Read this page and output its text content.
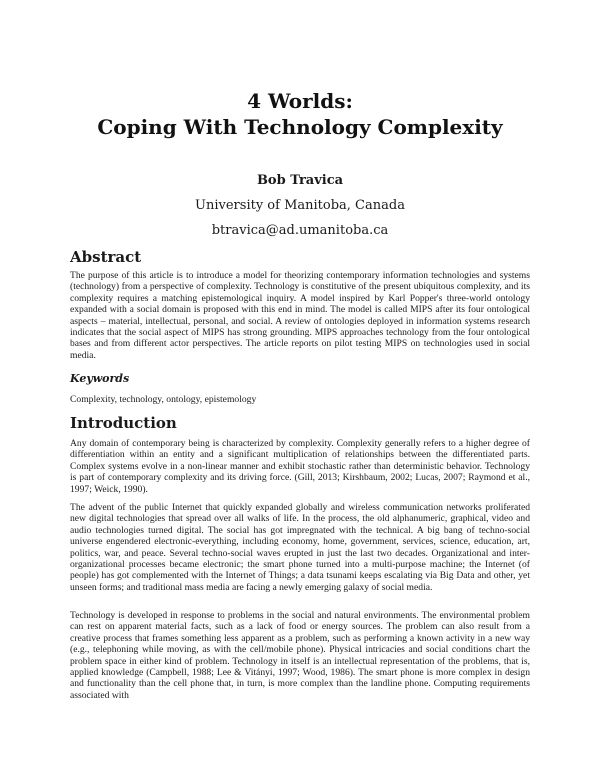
4 Worlds:
Coping With Technology Complexity
Bob Travica
University of Manitoba, Canada
btravica@ad.umanitoba.ca
Abstract
The purpose of this article is to introduce a model for theorizing contemporary information technologies and systems (technology) from a perspective of complexity. Technology is constitutive of the present ubiquitous complexity, and its complexity requires a matching epistemological inquiry. A model inspired by Karl Popper's three-world ontology expanded with a social domain is proposed with this end in mind. The model is called MIPS after its four ontological aspects – material, intellectual, personal, and social. A review of ontologies deployed in information systems research indicates that the social aspect of MIPS has strong grounding. MIPS approaches technology from the four ontological bases and from different actor perspectives. The article reports on pilot testing MIPS on technologies used in social media.
Keywords
Complexity, technology, ontology, epistemology
Introduction
Any domain of contemporary being is characterized by complexity. Complexity generally refers to a higher degree of differentiation within an entity and a significant multiplication of relationships between the differentiated parts. Complex systems evolve in a non-linear manner and exhibit stochastic rather than deterministic behavior. Technology is part of contemporary complexity and its driving force. (Gill, 2013; Kirshbaum, 2002; Lucas, 2007; Raymond et al., 1997; Weick, 1990).
The advent of the public Internet that quickly expanded globally and wireless communication networks proliferated new digital technologies that spread over all walks of life. In the process, the old alphanumeric, graphical, video and audio technologies turned digital. The social has got impregnated with the technical. A big bang of techno-social universe engendered electronic-everything, including economy, home, government, services, science, education, art, politics, war, and peace. Several techno-social waves erupted in just the last two decades. Organizational and inter-organizational processes became electronic; the smart phone turned into a multi-purpose machine; the Internet (of people) has got complemented with the Internet of Things; a data tsunami keeps escalating via Big Data and other, yet unseen forms; and traditional mass media are facing a newly emerging galaxy of social media.
Technology is developed in response to problems in the social and natural environments. The environmental problem can rest on apparent material facts, such as a lack of food or energy sources. The problem can also result from a creative process that frames something less apparent as a problem, such as performing a known activity in a new way (e.g., telephoning while moving, as with the cell/mobile phone). Physical intricacies and social conditions chart the problem space in either kind of problem. Technology in itself is an intellectual representation of the problems, that is, applied knowledge (Campbell, 1988; Lee & Vitányi, 1997; Wood, 1986). The smart phone is more complex in design and functionality than the cell phone that, in turn, is more complex than the landline phone. Computing requirements associated with
